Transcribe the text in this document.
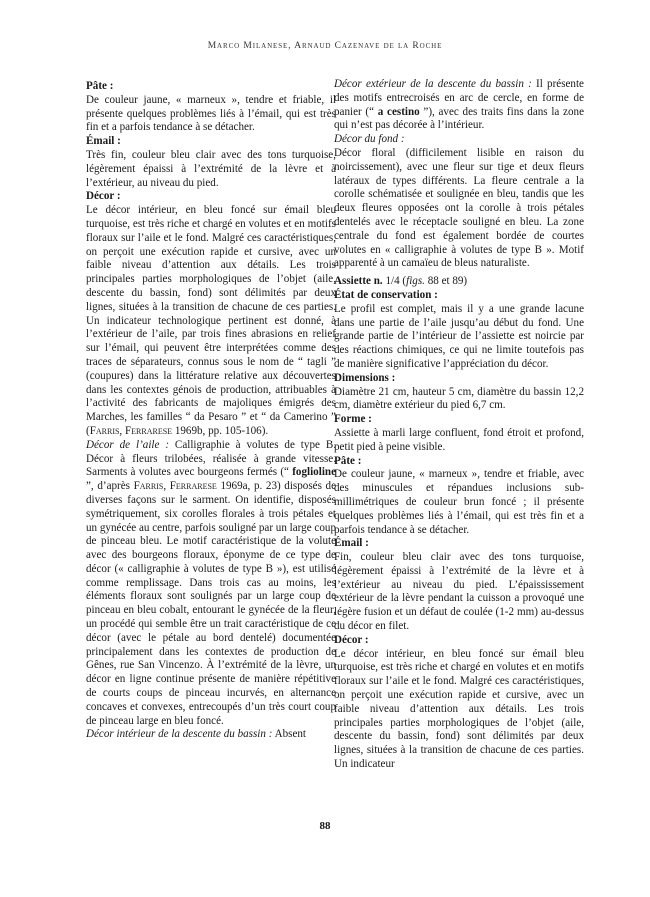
Marco Milanese, Arnaud Cazenave de la Roche

Pâte :

De couleur jaune, « marneux », tendre et friable, il présente quelques problèmes liés à l’émail, qui est très fin et a parfois tendance à se détacher.

Émail :

Très fin, couleur bleu clair avec des tons turquoise, légèrement épaissi à l’extrémité de la lèvre et à l’extérieur, au niveau du pied.

Décor :

Le décor intérieur, en bleu foncé sur émail bleu turquoise, est très riche et chargé en volutes et en motifs floraux sur l’aile et le fond. Malgré ces caractéristiques, on perçoit une exécution rapide et cursive, avec un faible niveau d’attention aux détails. Les trois principales parties morphologiques de l’objet (aile, descente du bassin, fond) sont délimités par deux lignes, situées à la transition de chacune de ces parties. Un indicateur technologique pertinent est donné, à l’extérieur de l’aile, par trois fines abrasions en relief sur l’émail, qui peuvent être interprétées comme des traces de séparateurs, connus sous le nom de “ tagli ” (coupures) dans la littérature relative aux découvertes dans les contextes génois de production, attribuables à l’activité des fabricants de majoliques émigrés des Marches, les familles “ da Pesaro ” et “ da Camerino ” (Farris, Ferrarese 1969b, pp. 105-106).

Décor de l’aile : Calligraphie à volutes de type B. Décor à fleurs trilobées, réalisée à grande vitesse. Sarments à volutes avec bourgeons fermés (“ foglioline ”, d’après Farris, Ferrarese 1969a, p. 23) disposés de diverses façons sur le sarment. On identifie, disposés symétriquement, six corolles florales à trois pétales et un gynécée au centre, parfois souligné par un large coup de pinceau bleu. Le motif caractéristique de la volute avec des bourgeons floraux, éponyme de ce type de décor (« calligraphie à volutes de type B »), est utilisé comme remplissage. Dans trois cas au moins, les éléments floraux sont soulignés par un large coup de pinceau en bleu cobalt, entourant le gynécée de la fleur, un procédé qui semble être un trait caractéristique de ce décor (avec le pétale au bord dentelé) documentée principalement dans les contextes de production de Gênes, rue San Vincenzo. À l’extrémité de la lèvre, un décor en ligne continue présente de manière répétitive de courts coups de pinceau incurvés, en alternance concaves et convexes, entrecoupés d’un très court coup de pinceau large en bleu foncé.

Décor intérieur de la descente du bassin : Absent

Décor extérieur de la descente du bassin : Il présente des motifs entrecroisés en arc de cercle, en forme de panier (“ a cestino ”), avec des traits fins dans la zone qui n’est pas décorée à l’intérieur.

Décor du fond :

Décor floral (difficilement lisible en raison du noircissement), avec une fleur sur tige et deux fleurs latéraux de types différents. La fleure centrale a la corolle schématisée et soulignée en bleu, tandis que les deux fleures opposées ont la corolle à trois pétales dentelés avec le réceptacle souligné en bleu. La zone centrale du fond est également bordée de courtes volutes en « calligraphie à volutes de type B ». Motif apparenté à un camaïeu de bleus naturaliste.

Assiette n. 1/4 (figs. 88 et 89)

État de conservation :

Le profil est complet, mais il y a une grande lacune dans une partie de l’aile jusqu’au début du fond. Une grande partie de l’intérieur de l’assiette est noircie par des réactions chimiques, ce qui ne limite toutefois pas de manière significative l’appréciation du décor.

Dimensions :

Diamètre 21 cm, hauteur 5 cm, diamètre du bassin 12,2 cm, diamètre extérieur du pied 6,7 cm.

Forme :

Assiette à marli large confluent, fond étroit et profond, petit pied à peine visible.

Pâte :

De couleur jaune, « marneux », tendre et friable, avec des minuscules et répandues inclusions sub-millimétriques de couleur brun foncé ; il présente quelques problèmes liés à l’émail, qui est très fin et a parfois tendance à se détacher.

Émail :

Fin, couleur bleu clair avec des tons turquoise, légèrement épaissi à l’extrémité de la lèvre et à l’extérieur au niveau du pied. L’épaississement extérieur de la lèvre pendant la cuisson a provoqué une légère fusion et un défaut de coulée (1-2 mm) au-dessus du décor en filet.

Décor :

Le décor intérieur, en bleu foncé sur émail bleu turquoise, est très riche et chargé en volutes et en motifs floraux sur l’aile et le fond. Malgré ces caractéristiques, on perçoit une exécution rapide et cursive, avec un faible niveau d’attention aux détails. Les trois principales parties morphologiques de l’objet (aile, descente du bassin, fond) sont délimités par deux lignes, situées à la transition de chacune de ces parties. Un indicateur

88
